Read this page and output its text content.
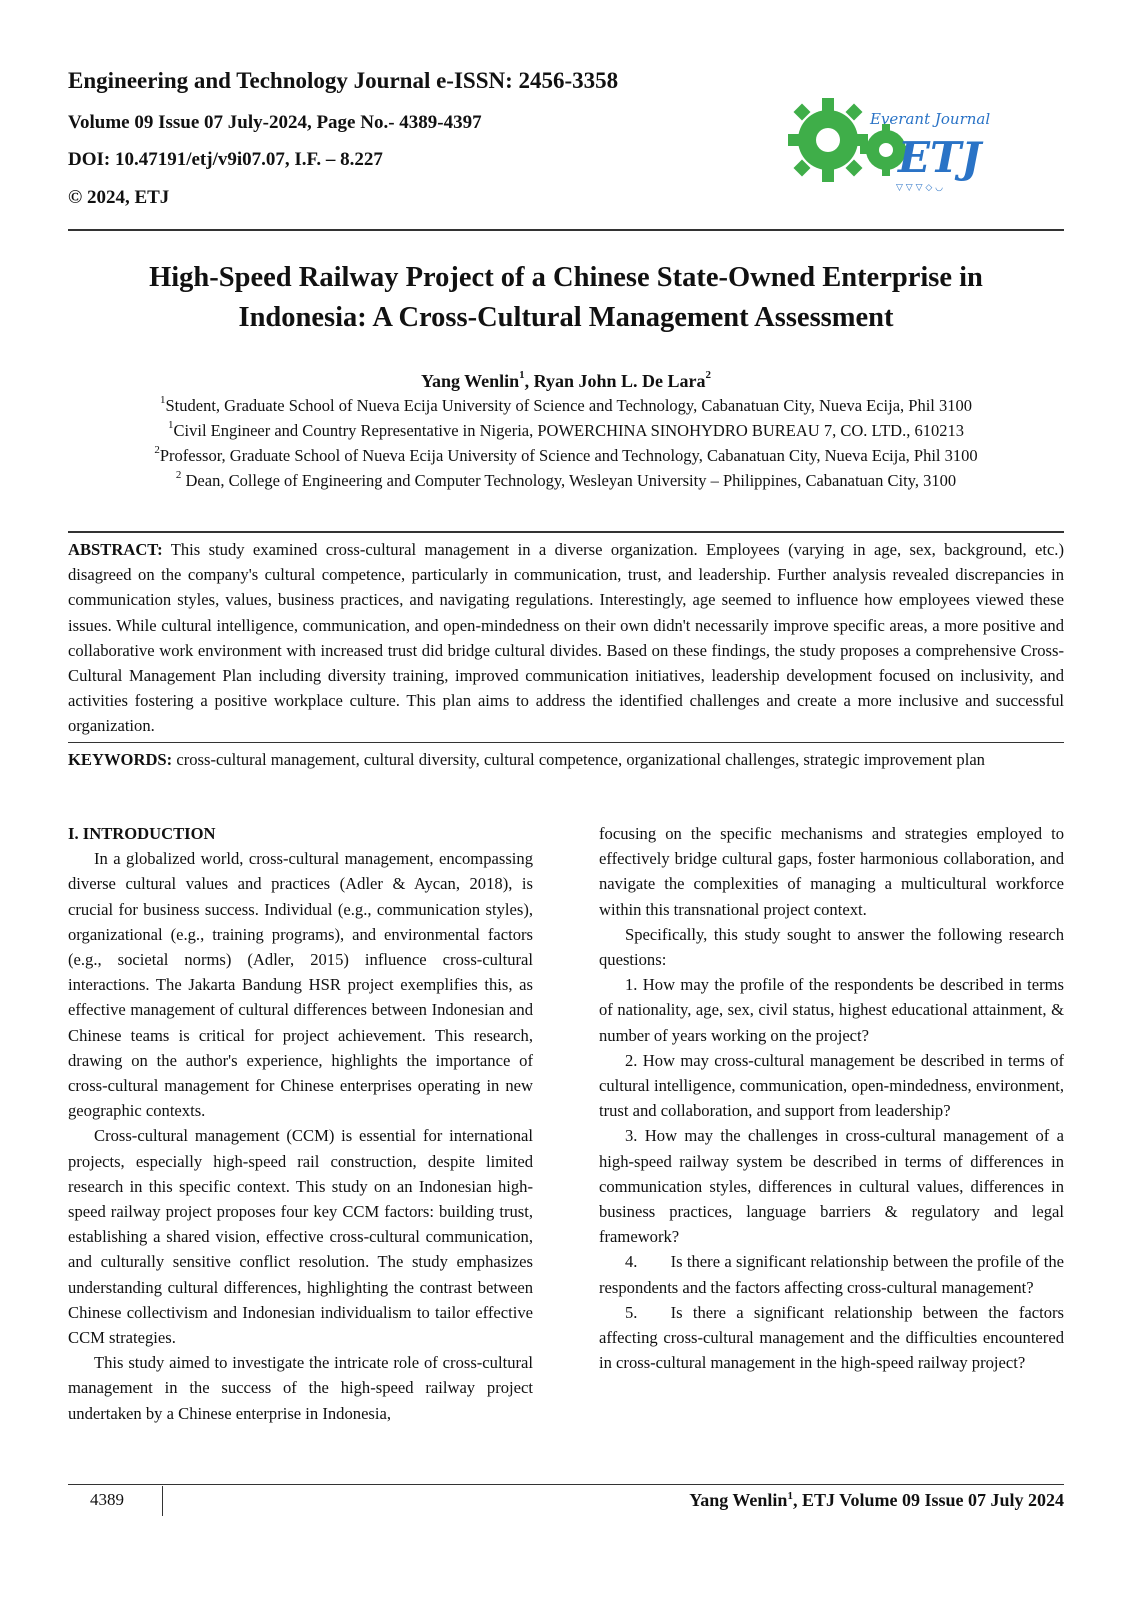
Engineering and Technology Journal e-ISSN: 2456-3358
Volume 09 Issue 07 July-2024, Page No.- 4389-4397
DOI: 10.47191/etj/v9i07.07, I.F. – 8.227
© 2024, ETJ
Everant Journal
ETJ
▽ ▽ ▽ ◇ ◡
High-Speed Railway Project of a Chinese State-Owned Enterprise in
Indonesia: A Cross-Cultural Management Assessment
Yang Wenlin$^1$, Ryan John L. De Lara$^2$
$^1$Student, Graduate School of Nueva Ecija University of Science and Technology, Cabanatuan City, Nueva Ecija, Phil 3100
$^1$Civil Engineer and Country Representative in Nigeria, POWERCHINA SINOHYDRO BUREAU 7, CO. LTD., 610213
$^2$Professor, Graduate School of Nueva Ecija University of Science and Technology, Cabanatuan City, Nueva Ecija, Phil 3100
$^2$ Dean, College of Engineering and Computer Technology, Wesleyan University – Philippines, Cabanatuan City, 3100
ABSTRACT: This study examined cross-cultural management in a diverse organization. Employees (varying in age, sex, background, etc.) disagreed on the company's cultural competence, particularly in communication, trust, and leadership. Further analysis revealed discrepancies in communication styles, values, business practices, and navigating regulations. Interestingly, age seemed to influence how employees viewed these issues. While cultural intelligence, communication, and open-mindedness on their own didn't necessarily improve specific areas, a more positive and collaborative work environment with increased trust did bridge cultural divides. Based on these findings, the study proposes a comprehensive Cross-Cultural Management Plan including diversity training, improved communication initiatives, leadership development focused on inclusivity, and activities fostering a positive workplace culture. This plan aims to address the identified challenges and create a more inclusive and successful organization.
KEYWORDS: cross-cultural management, cultural diversity, cultural competence, organizational challenges, strategic improvement plan

I. INTRODUCTION

In a globalized world, cross-cultural management, encompassing diverse cultural values and practices (Adler & Aycan, 2018), is crucial for business success. Individual (e.g., communication styles), organizational (e.g., training programs), and environmental factors (e.g., societal norms) (Adler, 2015) influence cross-cultural interactions. The Jakarta Bandung HSR project exemplifies this, as effective management of cultural differences between Indonesian and Chinese teams is critical for project achievement. This research, drawing on the author's experience, highlights the importance of cross-cultural management for Chinese enterprises operating in new geographic contexts.

Cross-cultural management (CCM) is essential for international projects, especially high-speed rail construction, despite limited research in this specific context. This study on an Indonesian high-speed railway project proposes four key CCM factors: building trust, establishing a shared vision, effective cross-cultural communication, and culturally sensitive conflict resolution. The study emphasizes understanding cultural differences, highlighting the contrast between Chinese collectivism and Indonesian individualism to tailor effective CCM strategies.

This study aimed to investigate the intricate role of cross-cultural management in the success of the high-speed railway project undertaken by a Chinese enterprise in Indonesia,

focusing on the specific mechanisms and strategies employed to effectively bridge cultural gaps, foster harmonious collaboration, and navigate the complexities of managing a multicultural workforce within this transnational project context.

Specifically, this study sought to answer the following research questions:

1. How may the profile of the respondents be described in terms of nationality, age, sex, civil status, highest educational attainment, & number of years working on the project?

2. How may cross-cultural management be described in terms of cultural intelligence, communication, open-mindedness, environment, trust and collaboration, and support from leadership?

3. How may the challenges in cross-cultural management of a high-speed railway system be described in terms of differences in communication styles, differences in cultural values, differences in business practices, language barriers & regulatory and legal framework?

4.  Is there a significant relationship between the profile of the respondents and the factors affecting cross-cultural management?

5.  Is there a significant relationship between the factors affecting cross-cultural management and the difficulties encountered in cross-cultural management in the high-speed railway project?

4389	Yang Wenlin$^1$, ETJ Volume 09 Issue 07 July 2024
